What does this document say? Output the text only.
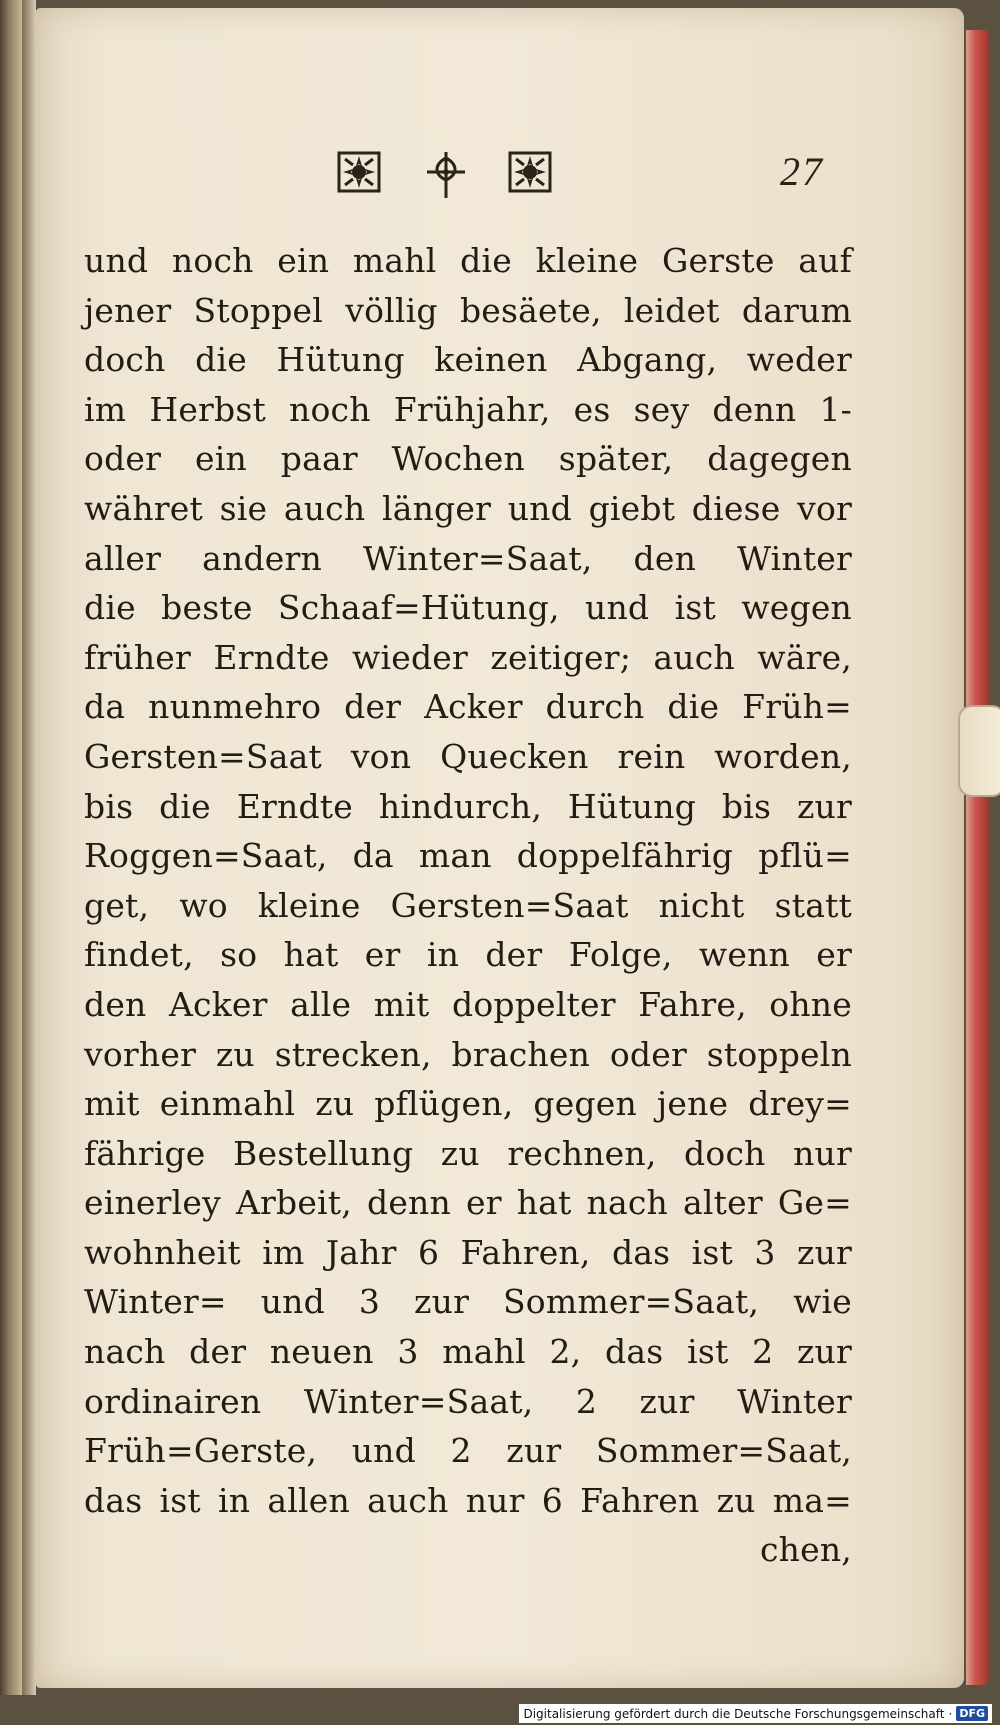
27
und noch ein mahl die kleine Gerste auf
jener Stoppel völlig besäete, leidet darum
doch die Hütung keinen Abgang, weder
im Herbst noch Frühjahr, es sey denn 1-
oder ein paar Wochen später, dagegen
währet sie auch länger und giebt diese vor
aller andern Winter=Saat, den Winter
die beste Schaaf=Hütung, und ist wegen
früher Erndte wieder zeitiger; auch wäre,
da nunmehro der Acker durch die Früh=
Gersten=Saat von Quecken rein worden,
bis die Erndte hindurch, Hütung bis zur
Roggen=Saat, da man doppelfährig pflü=
get, wo kleine Gersten=Saat nicht statt
findet, so hat er in der Folge, wenn er
den Acker alle mit doppelter Fahre, ohne
vorher zu strecken, brachen oder stoppeln
mit einmahl zu pflügen, gegen jene drey=
fährige Bestellung zu rechnen, doch nur
einerley Arbeit, denn er hat nach alter Ge=
wohnheit im Jahr 6 Fahren, das ist 3 zur
Winter= und 3 zur Sommer=Saat, wie
nach der neuen 3 mahl 2, das ist 2 zur
ordinairen Winter=Saat, 2 zur Winter
Früh=Gerste, und 2 zur Sommer=Saat,
das ist in allen auch nur 6 Fahren zu ma=
chen,
Digitalisierung gefördert durch die Deutsche Forschungsgemeinschaft · DFG
